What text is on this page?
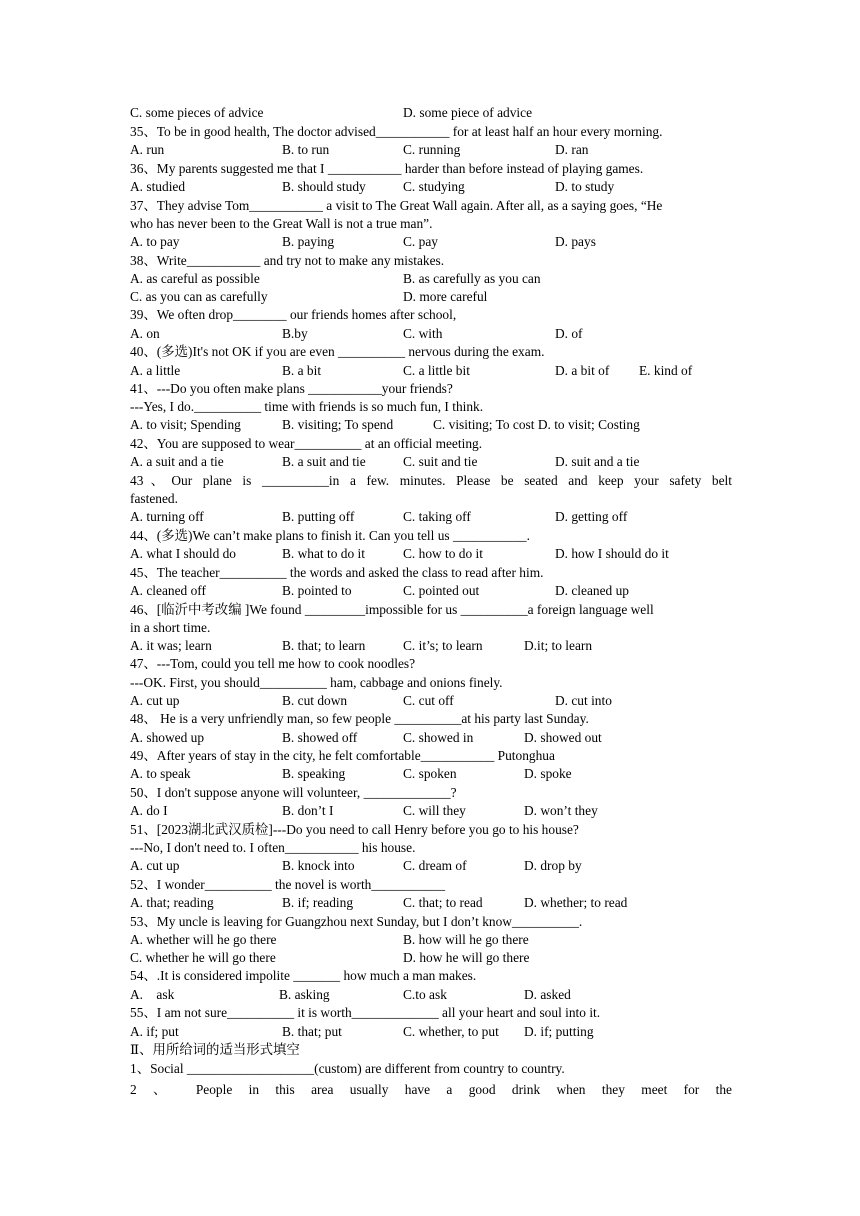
C. some pieces of advice	D. some piece of advice
35、To be in good health, The doctor advised___________ for at least half an hour every morning.
A. run	B. to run	C. running	D. ran
36、My parents suggested me that I ___________ harder than before instead of playing games.
A. studied	B. should study	C. studying	D. to study
37、They advise Tom___________ a visit to The Great Wall again. After all, as a saying goes, “He
who has never been to the Great Wall is not a true man”.
A. to pay	B. paying	C. pay	D. pays
38、Write___________ and try not to make any mistakes.
A. as careful as possible	B. as carefully as you can
C. as you can as carefully	D. more careful
39、We often drop________ our friends homes after school,
A. on	B.by	C. with	D. of
40、(多选)It's not OK if you are even __________ nervous during the exam.
A. a little	B. a bit	C. a little bit	D. a bit of E. kind of
41、---Do you often make plans ___________your friends?
---Yes, I do.__________ time with friends is so much fun, I think.
A. to visit; Spending	B. visiting; To spend	C. visiting; To cost D. to visit; Costing
42、You are supposed to wear__________ at an official meeting.
A. a suit and a tie	B. a suit and tie	C. suit and tie	D. suit and a tie
43、Our plane is __________in a few. minutes. Please be seated and keep your safety belt
fastened.
A. turning off	B. putting off	C. taking off	D. getting off
44、(多选)We can’t make plans to finish it. Can you tell us ___________.
A. what I should do	B. what to do it	C. how to do it	D. how I should do it
45、The teacher__________ the words and asked the class to read after him.
A. cleaned off	B. pointed to	C. pointed out	D. cleaned up
46、[临沂中考改编 ]We found _________impossible for us __________a foreign language well
in a short time.
A. it was; learn	B. that; to learn	C. it’s; to learn	D.it; to learn
47、---Tom, could you tell me how to cook noodles?
---OK. First, you should__________ ham, cabbage and onions finely.
A. cut up	B. cut down	C. cut off	D. cut into
48、 He is a very unfriendly man, so few people __________at his party last Sunday.
A. showed up	B. showed off	C. showed in	D. showed out
49、After years of stay in the city, he felt comfortable___________ Putonghua
A. to speak	B. speaking	C. spoken	D. spoke
50、I don't suppose anyone will volunteer, _____________?
A. do I	B. don’t I	C. will they	D. won’t they
51、[2023湖北武汉质检]---Do you need to call Henry before you go to his house?
---No, I don't need to. I often___________ his house.
A. cut up	B. knock into	C. dream of	D. drop by
52、I wonder__________ the novel is worth___________
A. that; reading	B. if; reading	C. that; to read	D. whether; to read
53、My uncle is leaving for Guangzhou next Sunday, but I don’t know__________.
A. whether will he go there	B. how will he go there
C. whether he will go there	D. how he will go there
54、.It is considered impolite _______ how much a man makes.
A.    ask	B. asking	C.to ask	D. asked
55、I am not sure__________ it is worth_____________ all your heart and soul into it.
A. if; put	B. that; put	C. whether, to put D. if; putting
Ⅱ、用所给词的适当形式填空
1、Social ___________________(custom) are different from country to country.
2 、 People in this area usually have a good drink when they meet for the
